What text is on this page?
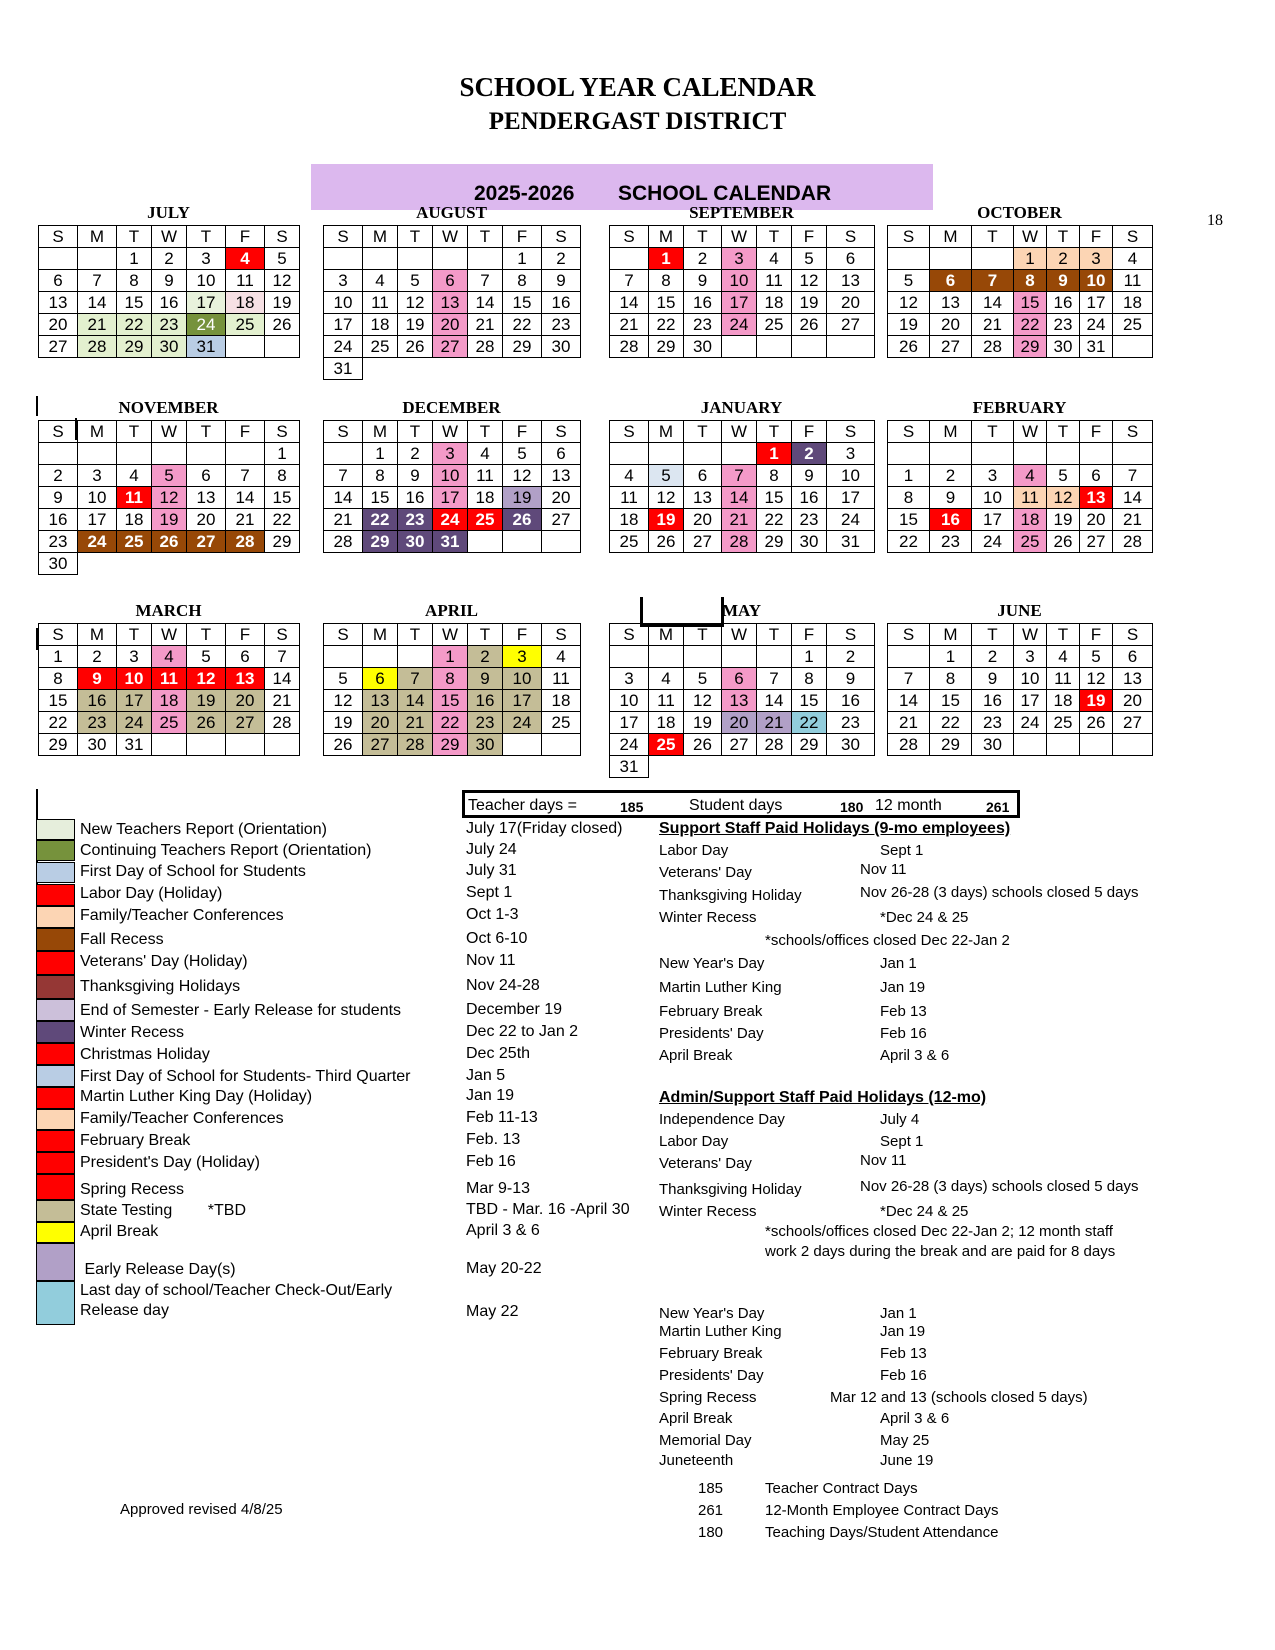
SCHOOL YEAR CALENDAR
PENDERGAST DISTRICT
2025-2026 SCHOOL CALENDAR
18
JULY
S	M	T	W	T	F	S
		1	2	3	4	5
6	7	8	9	10	11	12
13	14	15	16	17	18	19
20	21	22	23	24	25	26
27	28	29	30	31		
AUGUST
S	M	T	W	T	F	S
					1	2
3	4	5	6	7	8	9
10	11	12	13	14	15	16
17	18	19	20	21	22	23
24	25	26	27	28	29	30
31						
SEPTEMBER
S	M	T	W	T	F	S
	1	2	3	4	5	6
7	8	9	10	11	12	13
14	15	16	17	18	19	20
21	22	23	24	25	26	27
28	29	30				
OCTOBER
S	M	T	W	T	F	S
			1	2	3	4
5	6	7	8	9	10	11
12	13	14	15	16	17	18
19	20	21	22	23	24	25
26	27	28	29	30	31	
NOVEMBER
S	M	T	W	T	F	S
						1
2	3	4	5	6	7	8
9	10	11	12	13	14	15
16	17	18	19	20	21	22
23	24	25	26	27	28	29
30						
DECEMBER
S	M	T	W	T	F	S
	1	2	3	4	5	6
7	8	9	10	11	12	13
14	15	16	17	18	19	20
21	22	23	24	25	26	27
28	29	30	31			
JANUARY
S	M	T	W	T	F	S
				1	2	3
4	5	6	7	8	9	10
11	12	13	14	15	16	17
18	19	20	21	22	23	24
25	26	27	28	29	30	31
FEBRUARY
S	M	T	W	T	F	S

1	2	3	4	5	6	7
8	9	10	11	12	13	14
15	16	17	18	19	20	21
22	23	24	25	26	27	28
MARCH
S	M	T	W	T	F	S
1	2	3	4	5	6	7
8	9	10	11	12	13	14
15	16	17	18	19	20	21
22	23	24	25	26	27	28
29	30	31				
APRIL
S	M	T	W	T	F	S
			1	2	3	4
5	6	7	8	9	10	11
12	13	14	15	16	17	18
19	20	21	22	23	24	25
26	27	28	29	30		
MAY
S	M	T	W	T	F	S
					1	2
3	4	5	6	7	8	9
10	11	12	13	14	15	16
17	18	19	20	21	22	23
24	25	26	27	28	29	30
31						
JUNE
S	M	T	W	T	F	S
	1	2	3	4	5	6
7	8	9	10	11	12	13
14	15	16	17	18	19	20
21	22	23	24	25	26	27
28	29	30				
Teacher days =	185	Student days	180 12 month	261
New Teachers Report (Orientation)	July 17(Friday closed)
Continuing Teachers Report (Orientation)	July 24
First Day of School for Students	July 31
Labor Day (Holiday)	Sept 1
Family/Teacher Conferences	Oct 1-3
Fall Recess	Oct 6-10
Veterans' Day (Holiday)	Nov 11
Thanksgiving Holidays	Nov 24-28
End of Semester - Early Release for students	December 19
Winter Recess	Dec 22 to Jan 2
Christmas Holiday	Dec 25th
First Day of School for Students- Third Quarter	Jan 5
Martin Luther King Day (Holiday)	Jan 19
Family/Teacher Conferences	Feb 11-13
February Break	Feb. 13
President's Day (Holiday)	Feb 16
Spring Recess	Mar 9-13
State Testing        *TBD	TBD - Mar. 16 -April 30
April Break	April 3 & 6
Early Release Day(s)	May 20-22
Last day of school/Teacher Check-Out/Early
Release day	May 22
Support Staff Paid Holidays (9-mo employees)
Labor Day	Sept 1
Veterans' Day	Nov 11
Thanksgiving Holiday	Nov 26-28 (3 days) schools closed 5 days
Winter Recess	*Dec 24 & 25
*schools/offices closed Dec 22-Jan 2
New Year's Day	Jan 1
Martin Luther King	Jan 19
February Break	Feb 13
Presidents' Day	Feb 16
April Break	April 3 & 6
Admin/Support Staff Paid Holidays (12-mo)
Independence Day	July 4
Labor Day	Sept 1
Veterans' Day	Nov 11
Thanksgiving Holiday	Nov 26-28 (3 days) schools closed 5 days
Winter Recess	*Dec 24 & 25
*schools/offices closed Dec 22-Jan 2; 12 month staff
work 2 days during the break and are paid for 8 days
New Year's Day	Jan 1
Martin Luther King	Jan 19
February Break	Feb 13
Presidents' Day	Feb 16
Spring Recess	Mar 12 and 13 (schools closed 5 days)
April Break	April 3 & 6
Memorial Day	May 25
Juneteenth	June 19
185	Teacher Contract Days
261	12-Month Employee Contract Days
180	Teaching Days/Student Attendance
Approved revised 4/8/25
